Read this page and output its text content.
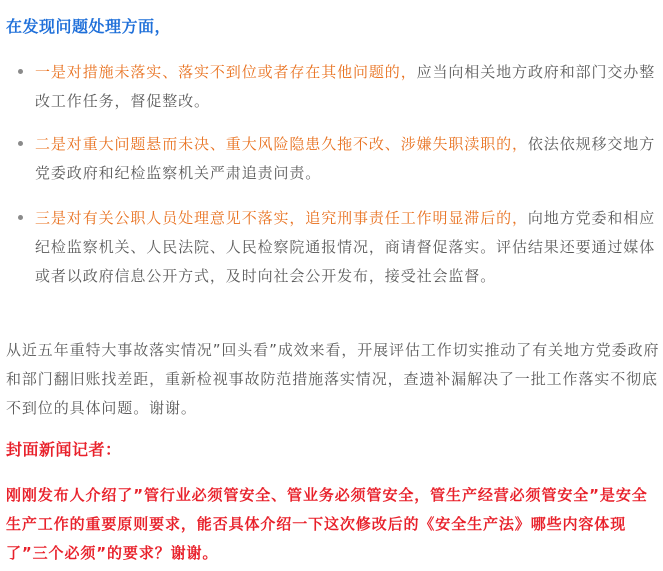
在发现问题处理方面，
一是对措施未落实、落实不到位或者存在其他问题的，应当向相关地方政府和部门交办整改工作任务，督促整改。
二是对重大问题悬而未决、重大风险隐患久拖不改、涉嫌失职渎职的，依法依规移交地方党委政府和纪检监察机关严肃追责问责。
三是对有关公职人员处理意见不落实，追究刑事责任工作明显滞后的，向地方党委和相应纪检监察机关、人民法院、人民检察院通报情况，商请督促落实。评估结果还要通过媒体或者以政府信息公开方式，及时向社会公开发布，接受社会监督。
从近五年重特大事故落实情况”回头看”成效来看，开展评估工作切实推动了有关地方党委政府和部门翻旧账找差距，重新检视事故防范措施落实情况，查遗补漏解决了一批工作落实不彻底不到位的具体问题。谢谢。
封面新闻记者：
刚刚发布人介绍了”管行业必须管安全、管业务必须管安全，管生产经营必须管安全”是安全生产工作的重要原则要求，能否具体介绍一下这次修改后的《安全生产法》哪些内容体现了”三个必须”的要求？谢谢。
